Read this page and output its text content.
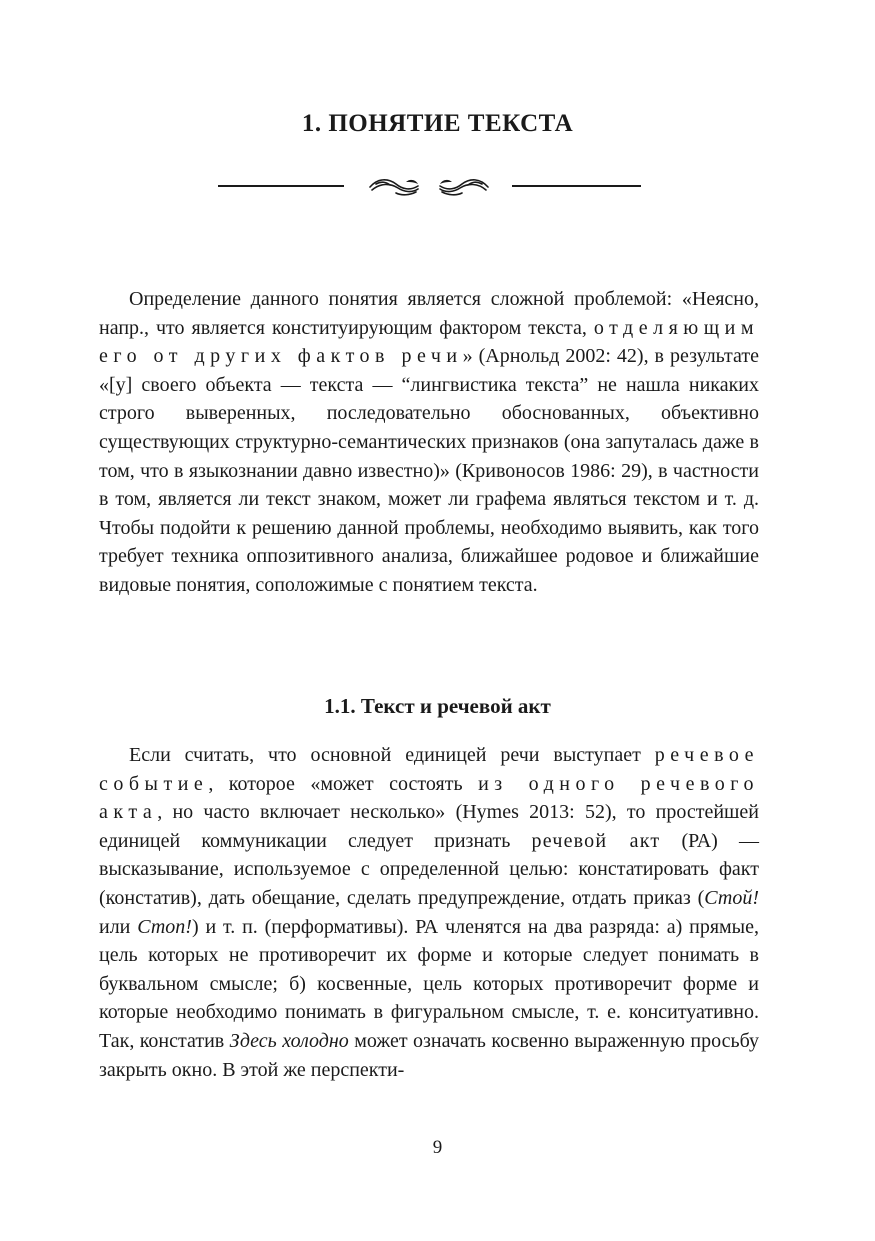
1. ПОНЯТИЕ ТЕКСТА

Определение данного понятия является сложной проблемой: «Неясно, напр., что является конституирующим фактором текста, отделяющим его от других фактов речи» (Арнольд 2002: 42), в результате «[у] своего объекта — текста — “лингвистика текста” не нашла никаких строго выверенных, последовательно обоснованных, объективно существующих структурно-семантических признаков (она запуталась даже в том, что в языкознании давно известно)» (Кривоносов 1986: 29), в частности в том, является ли текст знаком, может ли графема являться текстом и т. д. Чтобы подойти к решению данной проблемы, необходимо выявить, как того требует техника оппозитивного анализа, ближайшее родовое и ближайшие видовые понятия, соположимые с понятием текста.

1.1. Текст и речевой акт

Если считать, что основной единицей речи выступает речевое событие, которое «может состоять из одного речевого акта, но часто включает несколько» (Hymes 2013: 52), то простейшей единицей коммуникации следует признать речевой акт (РА) — высказывание, используемое с определенной целью: констатировать факт (констатив), дать обещание, сделать предупреждение, отдать приказ (Стой! или Стоп!) и т. п. (перформативы). РА членятся на два разряда: а) прямые, цель которых не противоречит их форме и которые следует понимать в буквальном смысле; б) косвенные, цель которых противоречит форме и которые необходимо понимать в фигуральном смысле, т. е. конситуативно. Так, констатив Здесь холодно может означать косвенно выраженную просьбу закрыть окно. В этой же перспекти-

9
